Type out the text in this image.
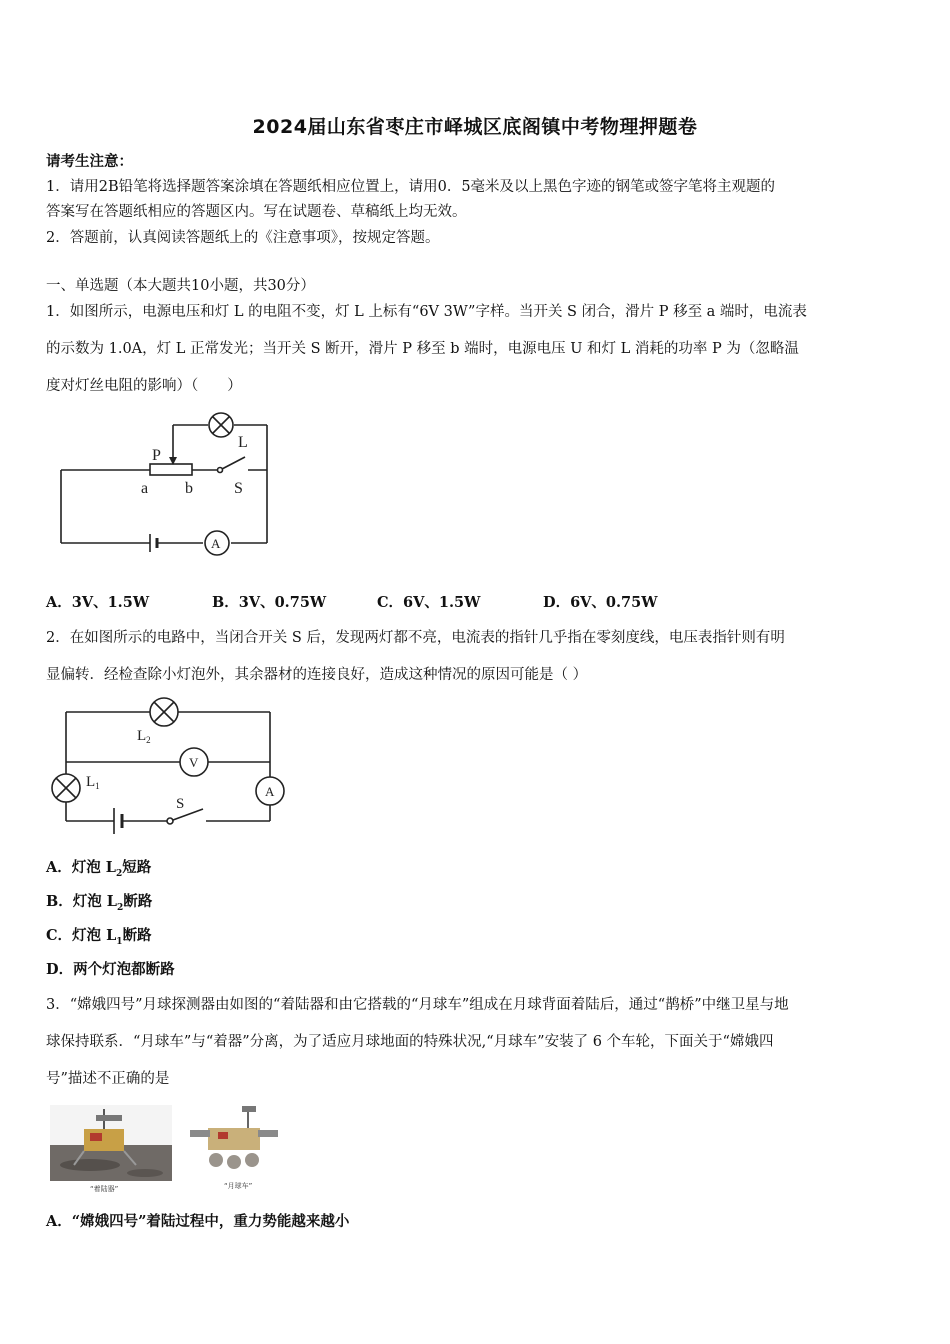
2024届山东省枣庄市峄城区底阁镇中考物理押题卷
请考生注意：
1．请用2B铅笔将选择题答案涂填在答题纸相应位置上，请用0．5毫米及以上黑色字迹的钢笔或签字笔将主观题的
答案写在答题纸相应的答题区内。写在试题卷、草稿纸上均无效。
2．答题前，认真阅读答题纸上的《注意事项》，按规定答题。
一、单选题（本大题共10小题，共30分）
1．如图所示，电源电压和灯 L 的电阻不变，灯 L 上标有“6V 3W”字样。当开关 S 闭合，滑片 P 移至 a 端时，电流表
的示数为 1.0A，灯 L 正常发光；当开关 S 断开，滑片 P 移至 b 端时，电源电压 U 和灯 L 消耗的功率 P 为（忽略温
度对灯丝电阻的影响）（　　）
L
P
a b	S
A
A．3V、1.5W	B．3V、0.75W	C．6V、1.5W	D．6V、0.75W
2．在如图所示的电路中，当闭合开关 S 后，发现两灯都不亮，电流表的指针几乎指在零刻度线，电压表指针则有明
显偏转．经检查除小灯泡外，其余器材的连接良好，造成这种情况的原因可能是（ ）
$L_2$
$L_1$
V
A
S
A．灯泡 $L_2$短路
B．灯泡 $L_2$断路
C．灯泡 $L_1$断路
D．两个灯泡都断路
3．“嫦娥四号”月球探测器由如图的“着陆器和由它搭载的“月球车”组成在月球背面着陆后，通过“鹊桥”中继卫星与地
球保持联系．“月球车”与“着器”分离，为了适应月球地面的特殊状况,“月球车”安装了 6 个车轮，下面关于“嫦娥四
号”描述不正确的是
“着陆器”	“月球车”
A．“嫦娥四号”着陆过程中，重力势能越来越小
